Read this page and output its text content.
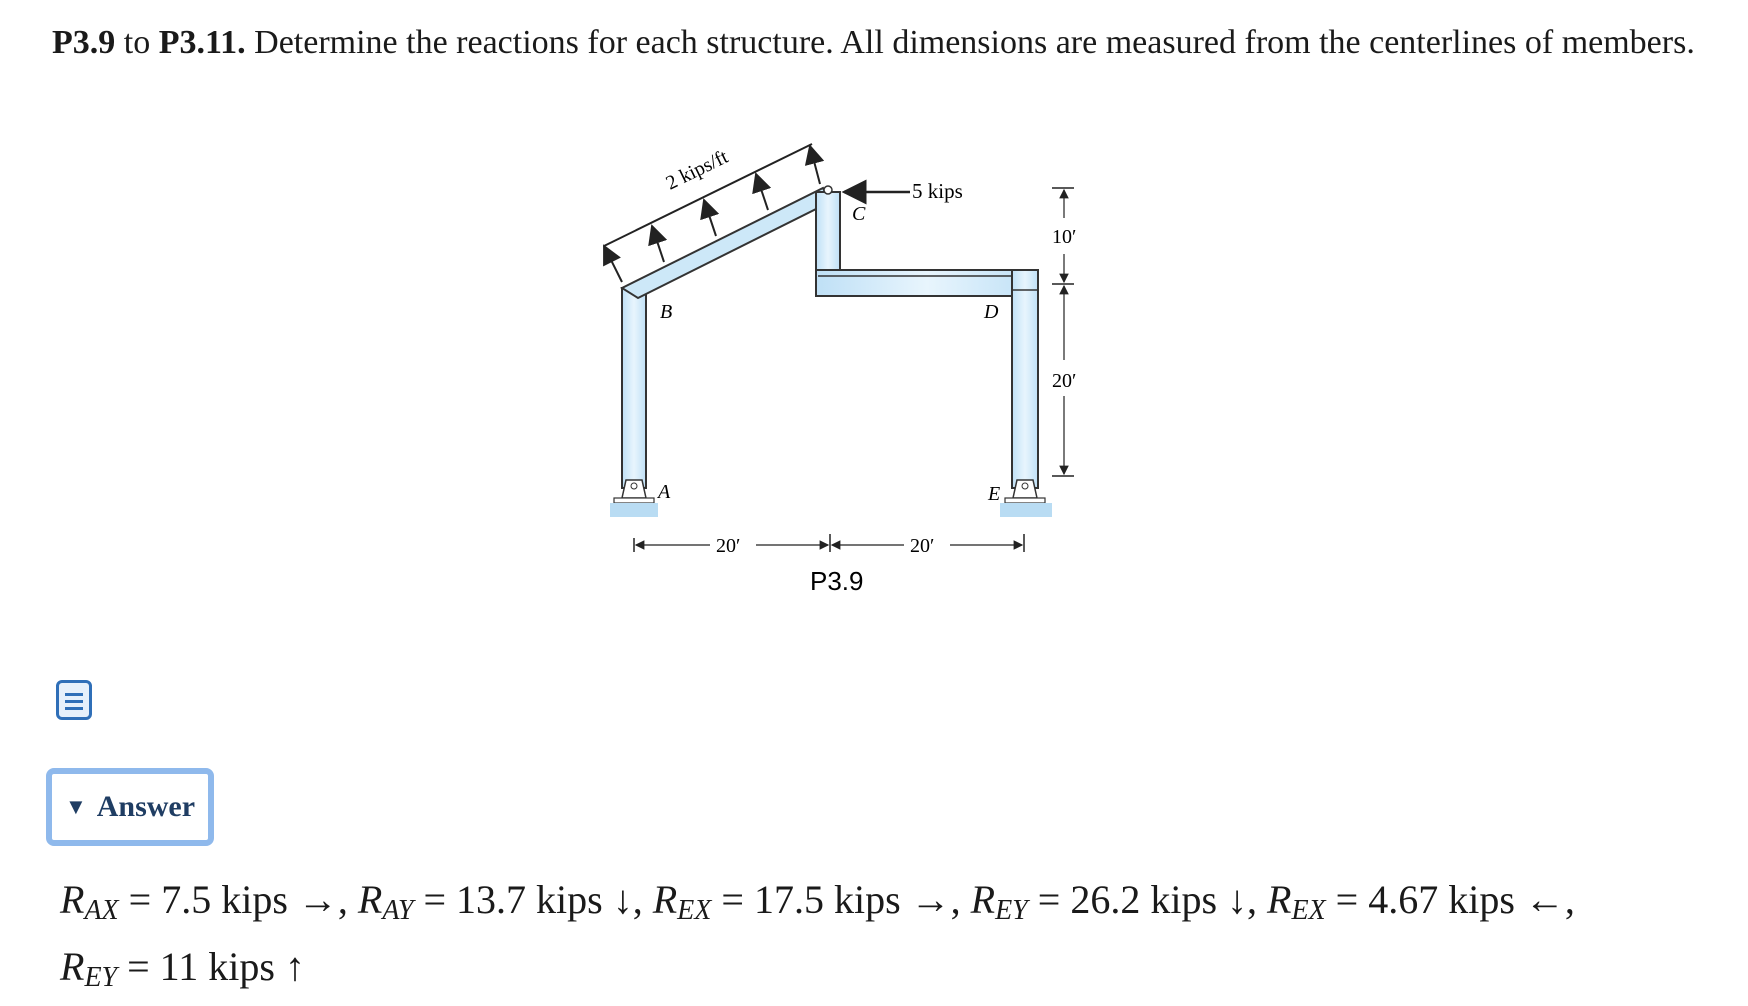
P3.9 to P3.11. Determine the reactions for each structure. All dimensions are measured from the centerlines of members.
2 kips/ft	5 kips
C
B	D
A	E
20′	20′
10′
20′
P3.9
▼ Answer
$R_{AX} = 7.5$ kips →, $R_{AY} = 13.7$ kips ↓, $R_{EX} = 17.5$ kips →, $R_{EY} = 26.2$ kips ↓, $R_{EX} = 4.67$ kips ←,
$R_{EY} = 11$ kips ↑
